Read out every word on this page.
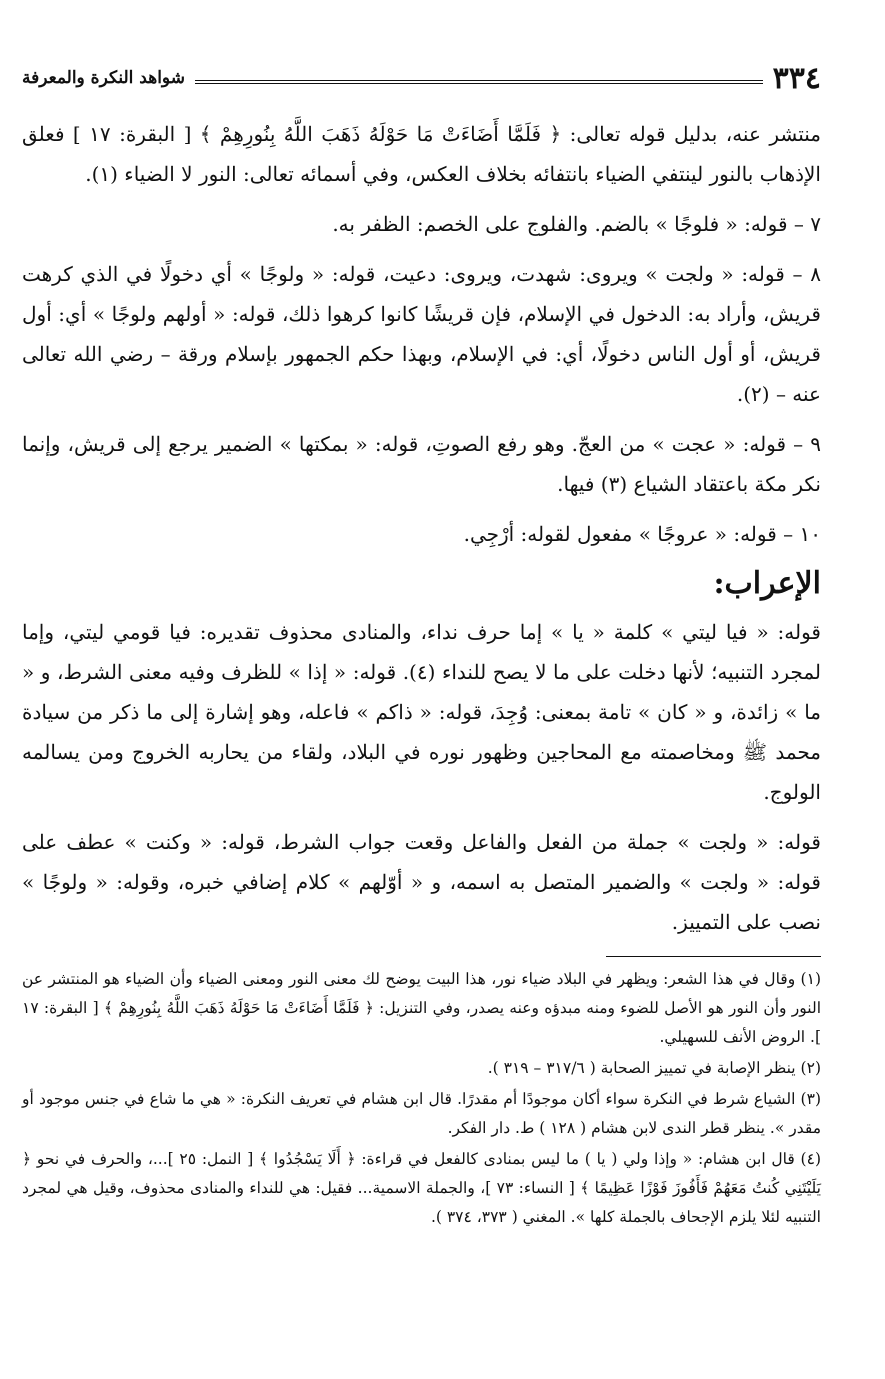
٣٣٤
شواهد النكرة والمعرفة

منتشر عنه، بدليل قوله تعالى: ﴿ فَلَمَّا أَضَاءَتْ مَا حَوْلَهُ ذَهَبَ اللَّهُ بِنُورِهِمْ ﴾ [ البقرة: ١٧ ] فعلق الإذهاب بالنور لينتفي الضياء بانتفائه بخلاف العكس، وفي أسمائه تعالى: النور لا الضياء (١).

٧ – قوله: « فلوجًا » بالضم. والفلوج على الخصم: الظفر به.

٨ – قوله: « ولجت » ويروى: شهدت، ويروى: دعيت، قوله: « ولوجًا » أي دخولًا في الذي كرهت قريش، وأراد به: الدخول في الإسلام، فإن قريشًا كانوا كرهوا ذلك، قوله: « أولهم ولوجًا » أي: أول قريش، أو أول الناس دخولًا، أي: في الإسلام، وبهذا حكم الجمهور بإسلام ورقة – رضي الله تعالى عنه – (٢).

٩ – قوله: « عجت » من العجّ. وهو رفع الصوتِ، قوله: « بمكتها » الضمير يرجع إلى قريش، وإنما نكر مكة باعتقاد الشياع (٣) فيها.

١٠ – قوله: « عروجًا » مفعول لقوله: أرْجِي.

الإعراب:

قوله: « فيا ليتي » كلمة « يا » إما حرف نداء، والمنادى محذوف تقديره: فيا قومي ليتي، وإما لمجرد التنبيه؛ لأنها دخلت على ما لا يصح للنداء (٤). قوله: « إذا » للظرف وفيه معنى الشرط، و « ما » زائدة، و « كان » تامة بمعنى: وُجِدَ، قوله: « ذاكم » فاعله، وهو إشارة إلى ما ذكر من سيادة محمد ﷺ ومخاصمته مع المحاجين وظهور نوره في البلاد، ولقاء من يحاربه الخروج ومن يسالمه الولوج.

قوله: « ولجت » جملة من الفعل والفاعل وقعت جواب الشرط، قوله: « وكنت » عطف على قوله: « ولجت » والضمير المتصل به اسمه، و « أوّلهم » كلام إضافي خبره، وقوله: « ولوجًا » نصب على التمييز.

(١) وقال في هذا الشعر: ويظهر في البلاد ضياء نور، هذا البيت يوضح لك معنى النور ومعنى الضياء وأن الضياء هو المنتشر عن النور وأن النور هو الأصل للضوء ومنه مبدؤه وعنه يصدر، وفي التنزيل: ﴿ فَلَمَّا أَضَاءَتْ مَا حَوْلَهُ ذَهَبَ اللَّهُ بِنُورِهِمْ ﴾ [ البقرة: ١٧ ]. الروض الأنف للسهيلي.

(٢) ينظر الإصابة في تمييز الصحابة ( ٣١٧/٦ – ٣١٩ ).

(٣) الشياع شرط في النكرة سواء أكان موجودًا أم مقدرًا. قال ابن هشام في تعريف النكرة: « هي ما شاع في جنس موجود أو مقدر ». ينظر قطر الندى لابن هشام ( ١٢٨ ) ط. دار الفكر.

(٤) قال ابن هشام: « وإذا ولي ( يا ) ما ليس بمنادى كالفعل في قراءة: ﴿ أَلَا يَسْجُدُوا ﴾ [ النمل: ٢٥ ]...، والحرف في نحو ﴿ يَلَيْتَنِي كُنتُ مَعَهُمْ فَأَفُوزَ فَوْزًا عَظِيمًا ﴾ [ النساء: ٧٣ ]، والجملة الاسمية... فقيل: هي للنداء والمنادى محذوف، وقيل هي لمجرد التنبيه لئلا يلزم الإجحاف بالجملة كلها ». المغني ( ٣٧٣، ٣٧٤ ).
